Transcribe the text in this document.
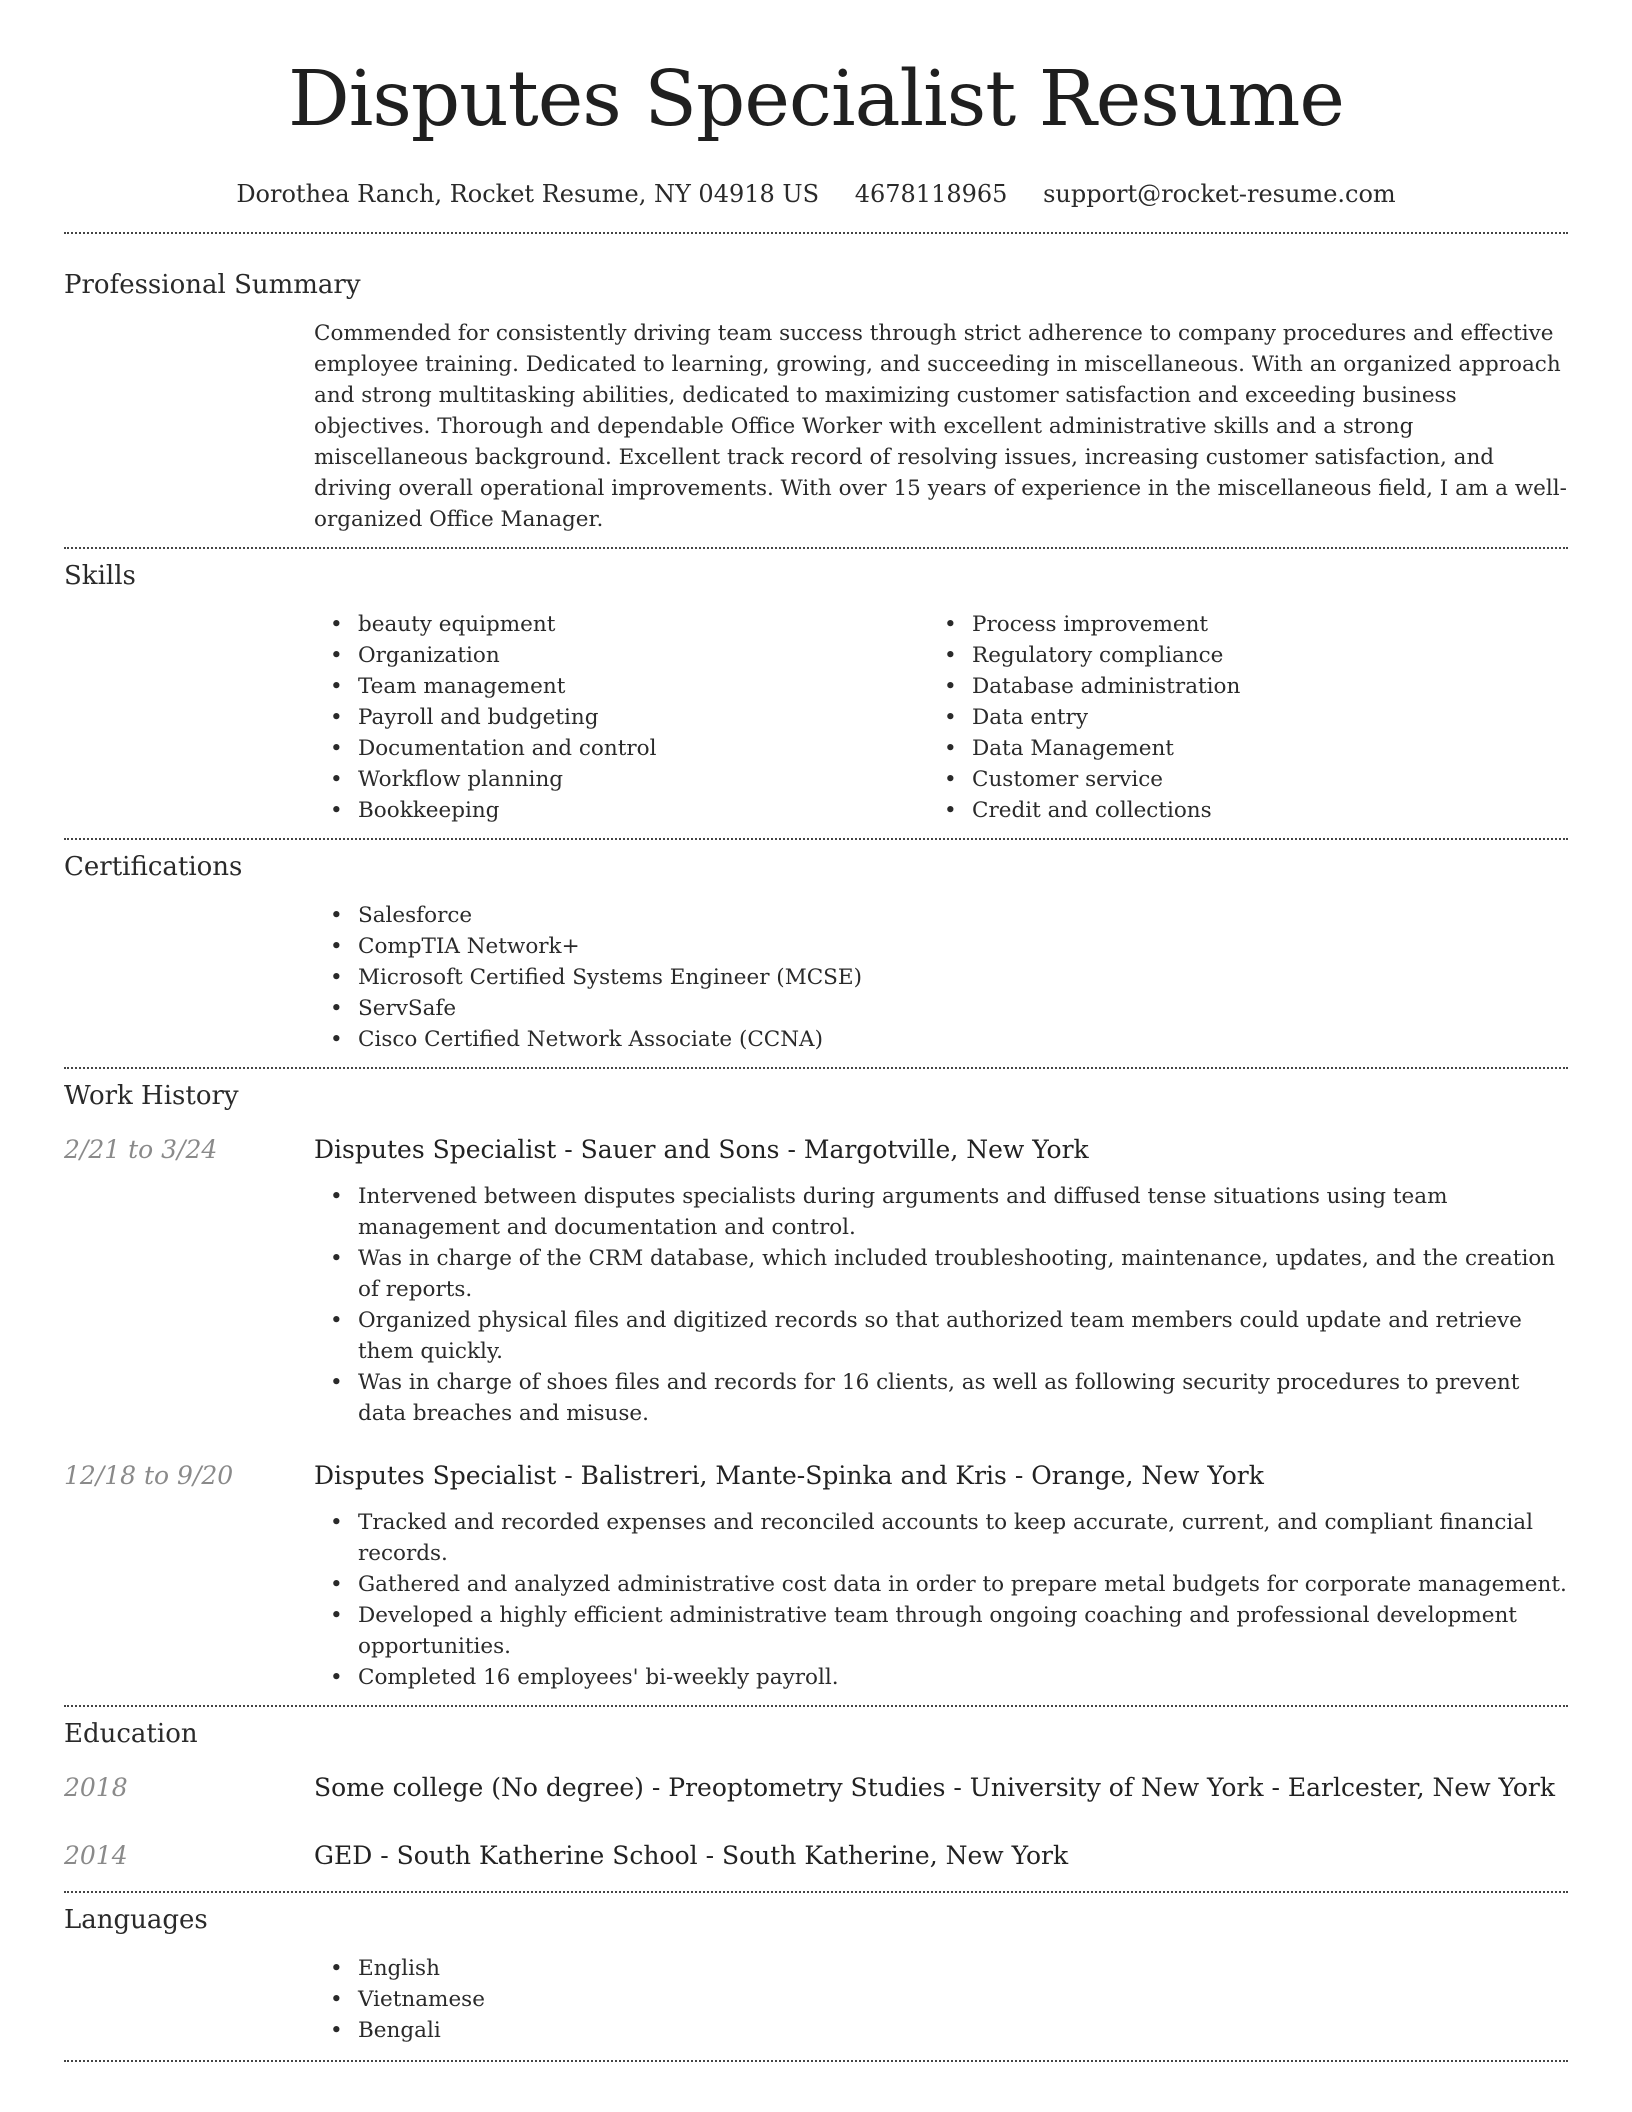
Disputes Specialist Resume
Dorothea Ranch, Rocket Resume, NY 04918 US 4678118965 support@rocket-resume.com
Professional Summary

Commended for consistently driving team success through strict adherence to company procedures and effective employee training. Dedicated to learning, growing, and succeeding in miscellaneous. With an organized approach and strong multitasking abilities, dedicated to maximizing customer satisfaction and exceeding business objectives. Thorough and dependable Office Worker with excellent administrative skills and a strong miscellaneous background. Excellent track record of resolving issues, increasing customer satisfaction, and driving overall operational improvements. With over 15 years of experience in the miscellaneous field, I am a well-organized Office Manager.

Skills
• beauty equipment
• Organization
• Team management
• Payroll and budgeting
• Documentation and control
• Workflow planning
• Bookkeeping
• Process improvement
• Regulatory compliance
• Database administration
• Data entry
• Data Management
• Customer service
• Credit and collections
Certifications
• Salesforce
• CompTIA Network+
• Microsoft Certified Systems Engineer (MCSE)
• ServSafe
• Cisco Certified Network Associate (CCNA)
Work History
2/21 to 3/24	Disputes Specialist - Sauer and Sons - Margotville, New York
• Intervened between disputes specialists during arguments and diffused tense situations using team management and documentation and control.
• Was in charge of the CRM database, which included troubleshooting, maintenance, updates, and the creation of reports.
• Organized physical files and digitized records so that authorized team members could update and retrieve them quickly.
• Was in charge of shoes files and records for 16 clients, as well as following security procedures to prevent data breaches and misuse.
12/18 to 9/20	Disputes Specialist - Balistreri, Mante-Spinka and Kris - Orange, New York
• Tracked and recorded expenses and reconciled accounts to keep accurate, current, and compliant financial records.
• Gathered and analyzed administrative cost data in order to prepare metal budgets for corporate management.
• Developed a highly efficient administrative team through ongoing coaching and professional development opportunities.
• Completed 16 employees' bi-weekly payroll.
Education
2018	Some college (No degree) - Preoptometry Studies - University of New York - Earlcester, New York
2014	GED - South Katherine School - South Katherine, New York
Languages
• English
• Vietnamese
• Bengali
